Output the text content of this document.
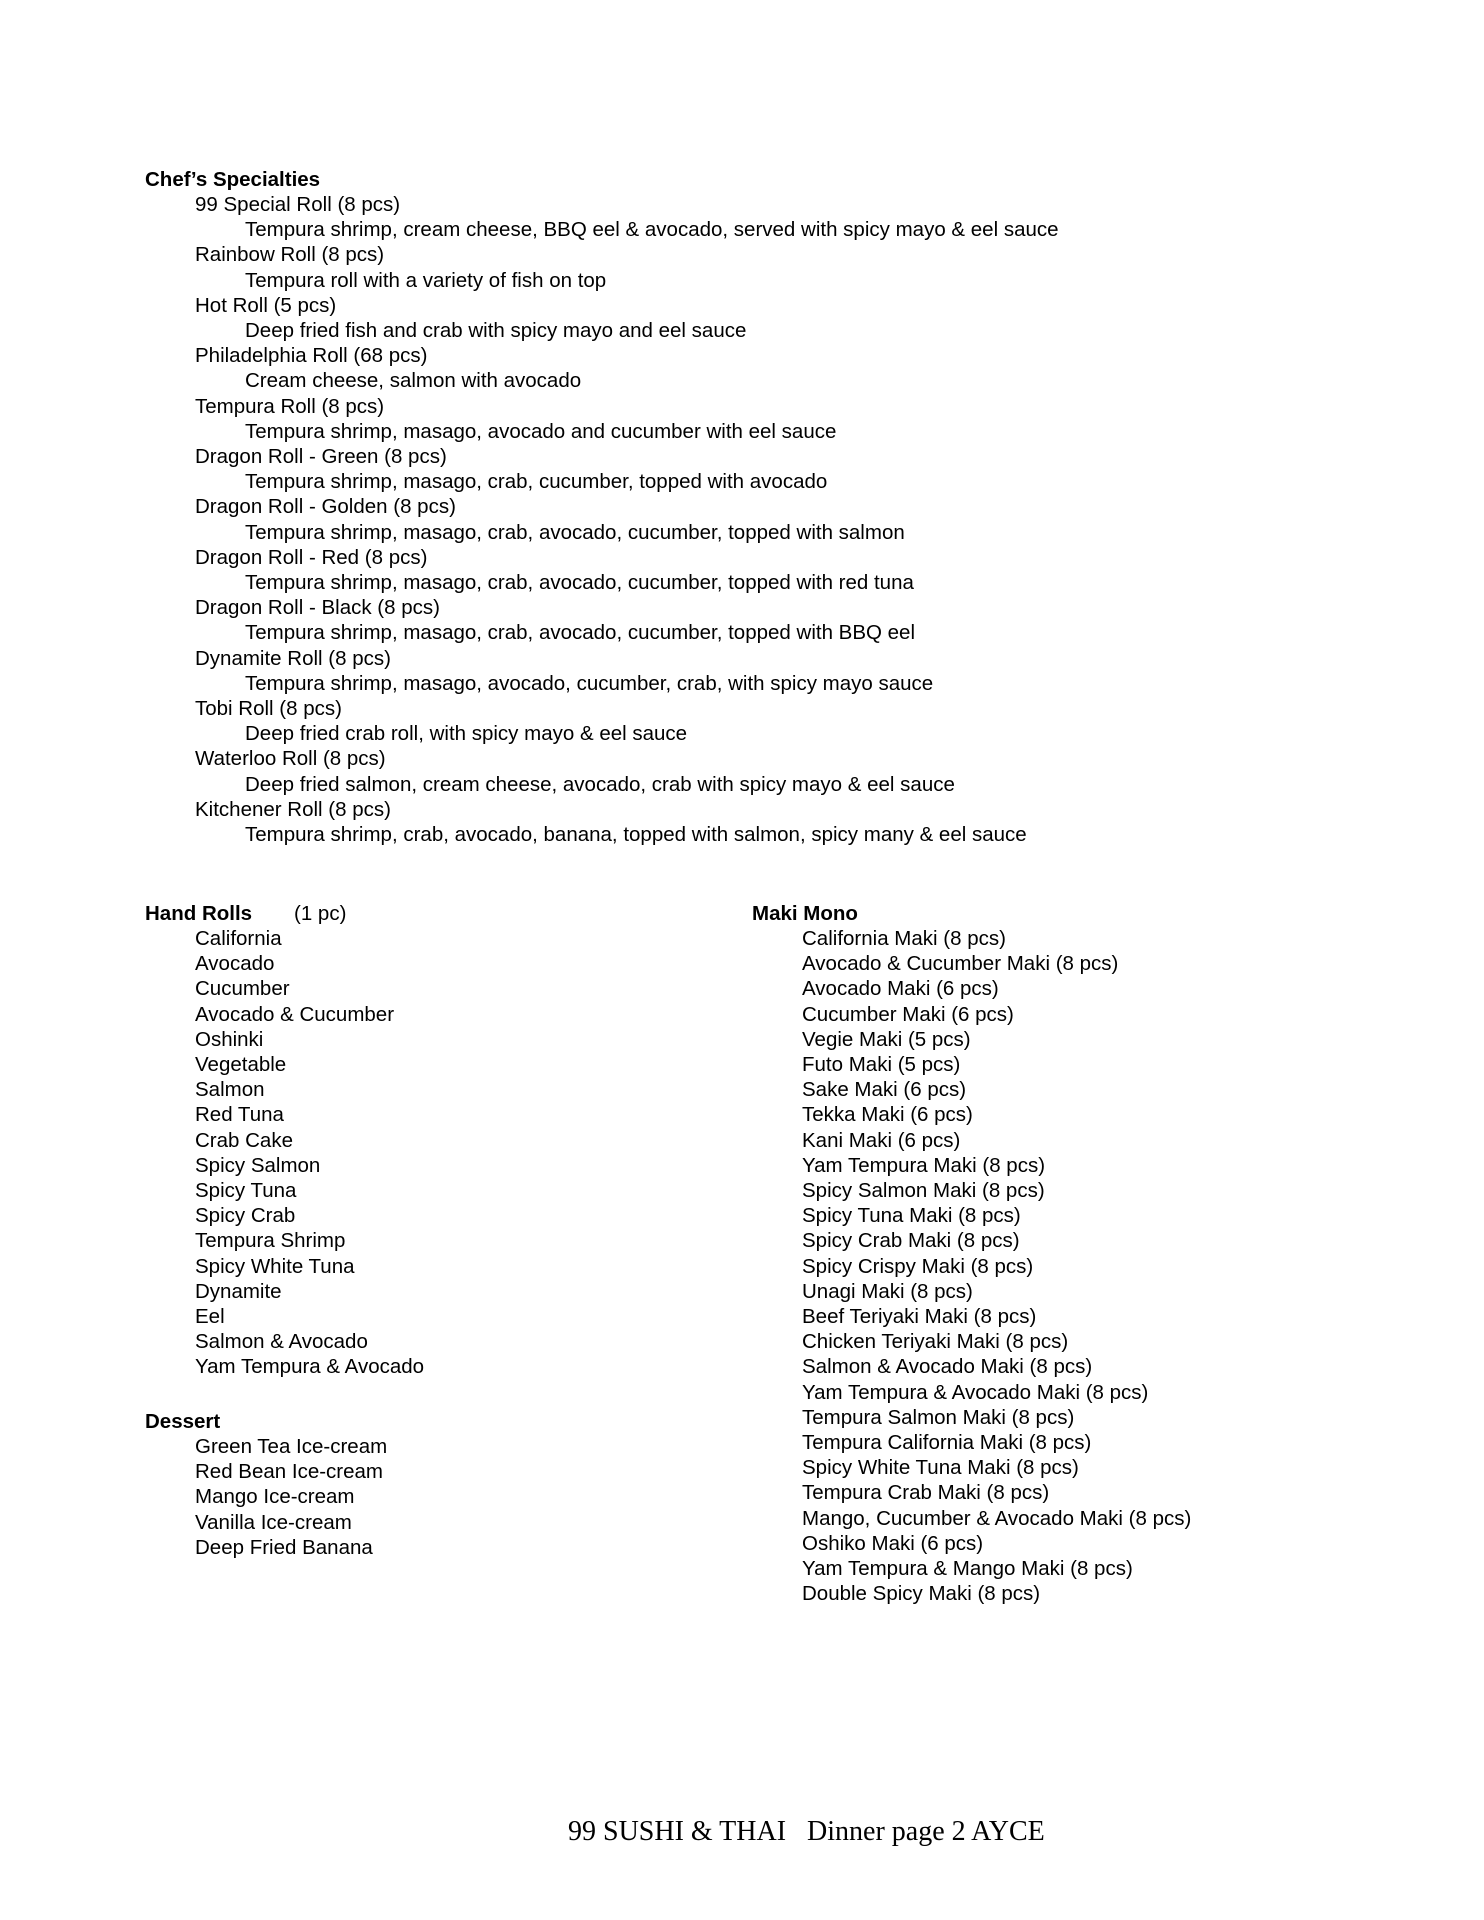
Chef’s Specialties
99 Special Roll (8 pcs)
Tempura shrimp, cream cheese, BBQ eel & avocado, served with spicy mayo & eel sauce
Rainbow Roll (8 pcs)
Tempura roll with a variety of fish on top
Hot Roll (5 pcs)
Deep fried fish and crab with spicy mayo and eel sauce
Philadelphia Roll (68 pcs)
Cream cheese, salmon with avocado
Tempura Roll (8 pcs)
Tempura shrimp, masago, avocado and cucumber with eel sauce
Dragon Roll - Green (8 pcs)
Tempura shrimp, masago, crab, cucumber, topped with avocado
Dragon Roll - Golden (8 pcs)
Tempura shrimp, masago, crab, avocado, cucumber, topped with salmon
Dragon Roll - Red (8 pcs)
Tempura shrimp, masago, crab, avocado, cucumber, topped with red tuna
Dragon Roll - Black (8 pcs)
Tempura shrimp, masago, crab, avocado, cucumber, topped with BBQ eel
Dynamite Roll (8 pcs)
Tempura shrimp, masago, avocado, cucumber, crab, with spicy mayo sauce
Tobi Roll (8 pcs)
Deep fried crab roll, with spicy mayo & eel sauce
Waterloo Roll (8 pcs)
Deep fried salmon, cream cheese, avocado, crab with spicy mayo & eel sauce
Kitchener Roll (8 pcs)
Tempura shrimp, crab, avocado, banana, topped with salmon, spicy many & eel sauce
Hand Rolls (1 pc)
California
Avocado
Cucumber
Avocado & Cucumber
Oshinki
Vegetable
Salmon
Red Tuna
Crab Cake
Spicy Salmon
Spicy Tuna
Spicy Crab
Tempura Shrimp
Spicy White Tuna
Dynamite
Eel
Salmon & Avocado
Yam Tempura & Avocado
Dessert
Green Tea Ice-cream
Red Bean Ice-cream
Mango Ice-cream
Vanilla Ice-cream
Deep Fried Banana
Maki Mono
California Maki (8 pcs)
Avocado & Cucumber Maki (8 pcs)
Avocado Maki (6 pcs)
Cucumber Maki (6 pcs)
Vegie Maki (5 pcs)
Futo Maki (5 pcs)
Sake Maki (6 pcs)
Tekka Maki (6 pcs)
Kani Maki (6 pcs)
Yam Tempura Maki (8 pcs)
Spicy Salmon Maki (8 pcs)
Spicy Tuna Maki (8 pcs)
Spicy Crab Maki (8 pcs)
Spicy Crispy Maki (8 pcs)
Unagi Maki (8 pcs)
Beef Teriyaki Maki (8 pcs)
Chicken Teriyaki Maki (8 pcs)
Salmon & Avocado Maki (8 pcs)
Yam Tempura & Avocado Maki (8 pcs)
Tempura Salmon Maki (8 pcs)
Tempura California Maki (8 pcs)
Spicy White Tuna Maki (8 pcs)
Tempura Crab Maki (8 pcs)
Mango, Cucumber & Avocado Maki (8 pcs)
Oshiko Maki (6 pcs)
Yam Tempura & Mango Maki (8 pcs)
Double Spicy Maki (8 pcs)
99 SUSHI & THAI   Dinner page 2 AYCE
